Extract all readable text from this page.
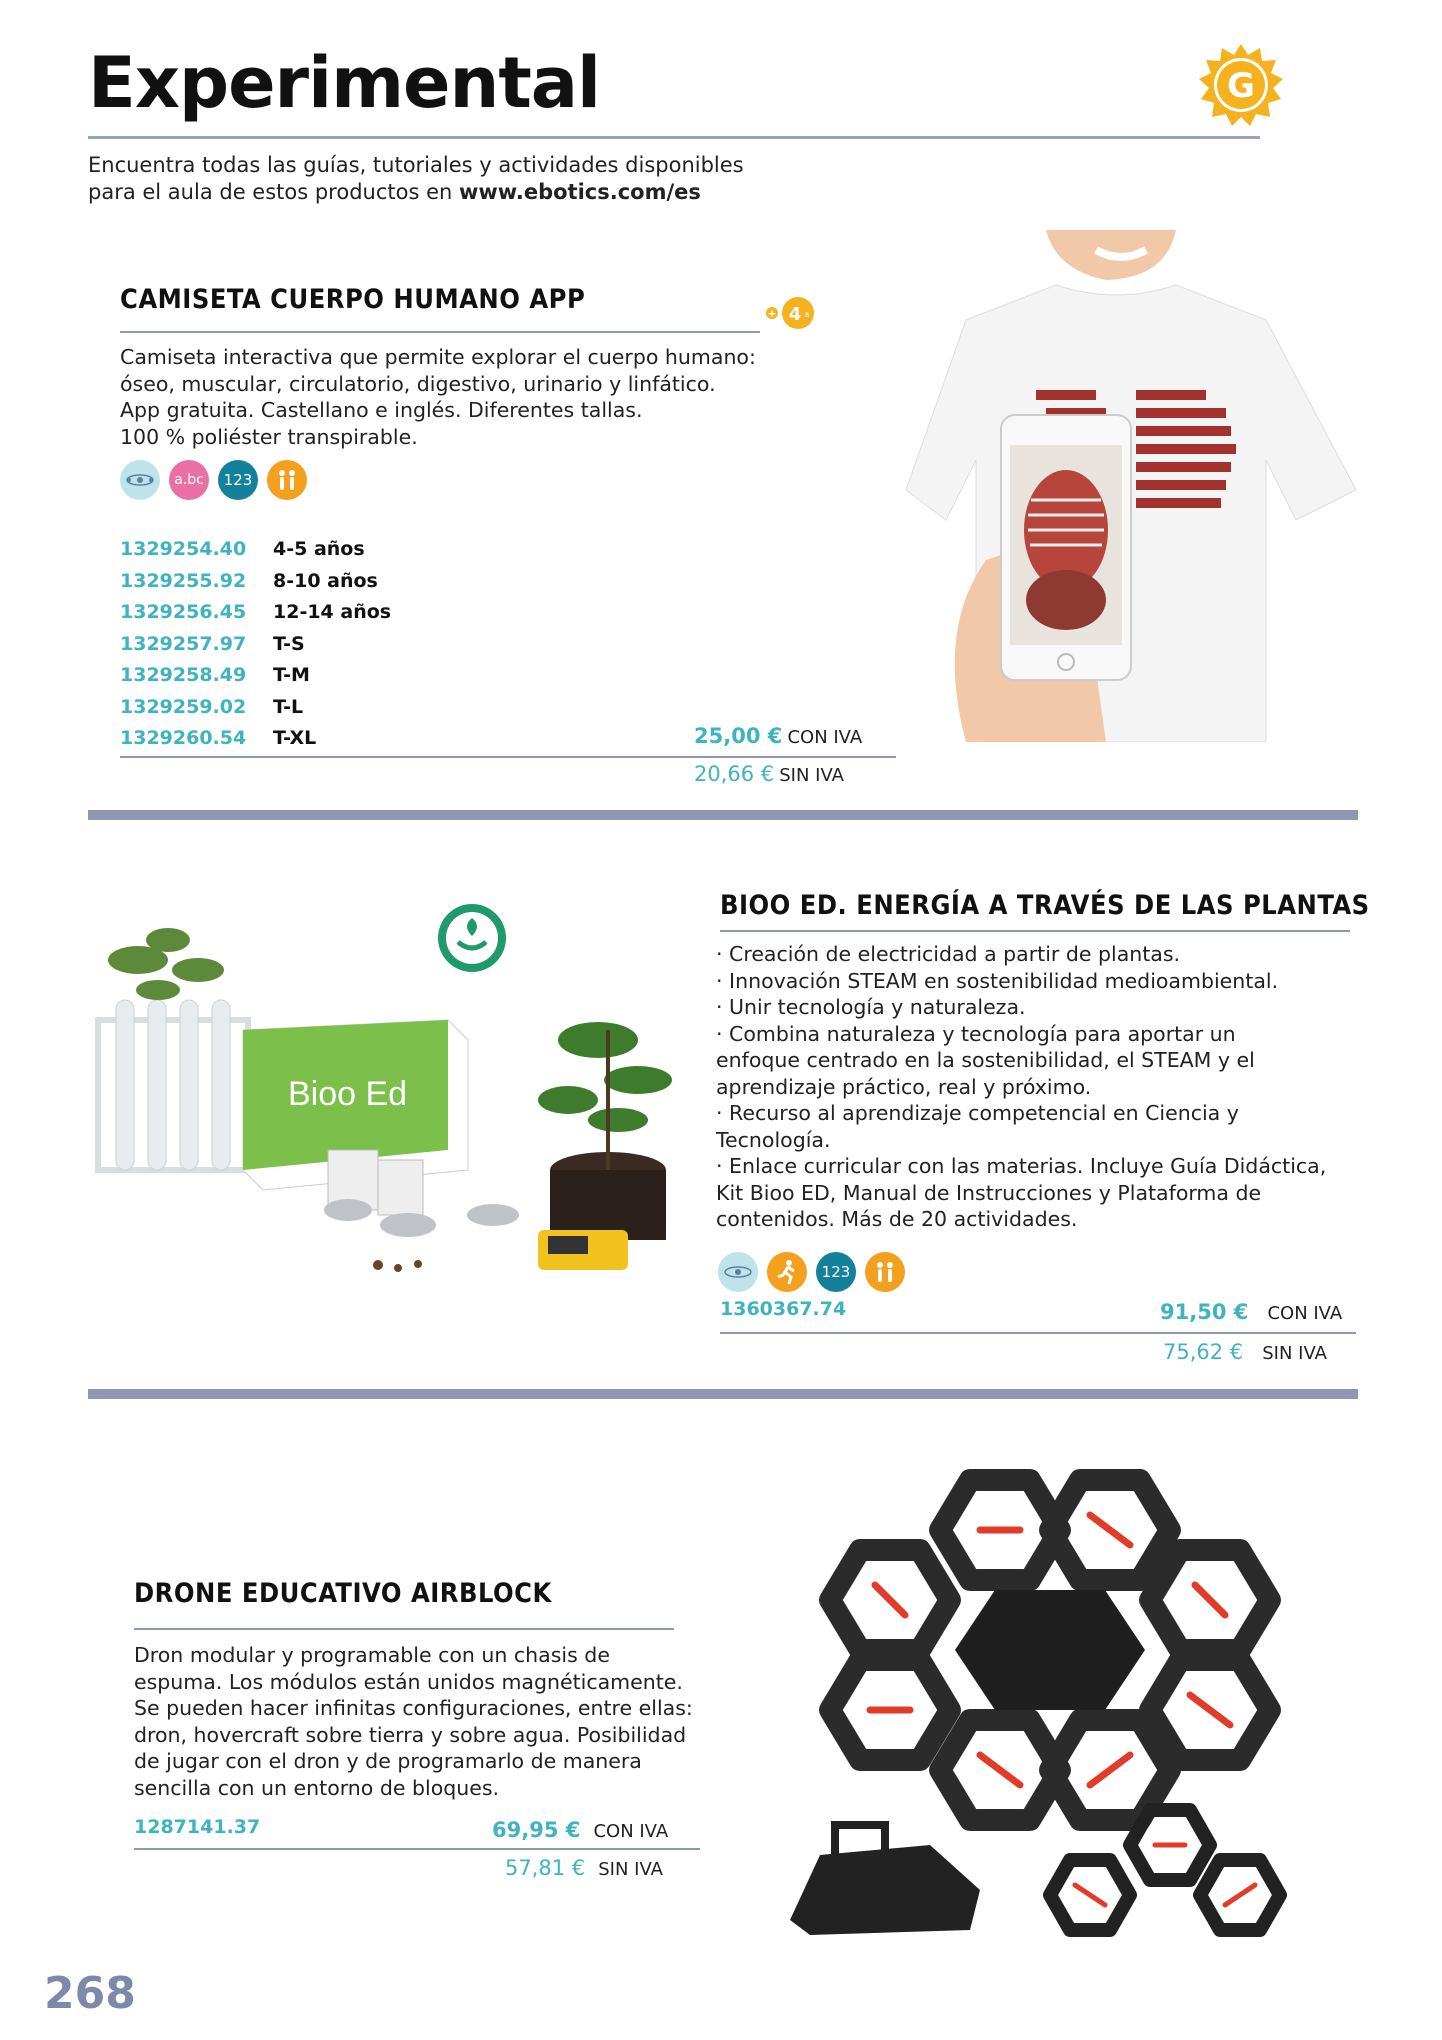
Experimental	G
Encuentra todas las guías, tutoriales y actividades disponibles
para el aula de estos productos en www.ebotics.com/es
CAMISETA CUERPO HUMANO APP	+ 4 a
Camiseta interactiva que permite explorar el cuerpo humano:
óseo, muscular, circulatorio, digestivo, urinario y linfático.
App gratuita. Castellano e inglés. Diferentes tallas.
100 % poliéster transpirable.
a.bc	123
1329254.40	4-5 años
1329255.92	8-10 años
1329256.45	12-14 años
1329257.97	T-S
1329258.49	T-M
1329259.02	T-L
1329260.54	T-XL	25,00 € CON IVA
20,66 € SIN IVA
Bioo Ed
BIOO ED. ENERGÍA A TRAVÉS DE LAS PLANTAS
· Creación de electricidad a partir de plantas.
· Innovación STEAM en sostenibilidad medioambiental.
· Unir tecnología y naturaleza.
· Combina naturaleza y tecnología para aportar un
enfoque centrado en la sostenibilidad, el STEAM y el
aprendizaje práctico, real y próximo.
· Recurso al aprendizaje competencial en Ciencia y
Tecnología.
· Enlace curricular con las materias. Incluye Guía Didáctica,
Kit Bioo ED, Manual de Instrucciones y Plataforma de
contenidos. Más de 20 actividades.
123
1360367.74	91,50 € CON IVA
75,62 € SIN IVA
DRONE EDUCATIVO AIRBLOCK
Dron modular y programable con un chasis de
espuma. Los módulos están unidos magnéticamente.
Se pueden hacer infinitas configuraciones, entre ellas:
dron, hovercraft sobre tierra y sobre agua. Posibilidad
de jugar con el dron y de programarlo de manera
sencilla con un entorno de bloques.
1287141.37	69,95 € CON IVA
57,81 € SIN IVA
268
